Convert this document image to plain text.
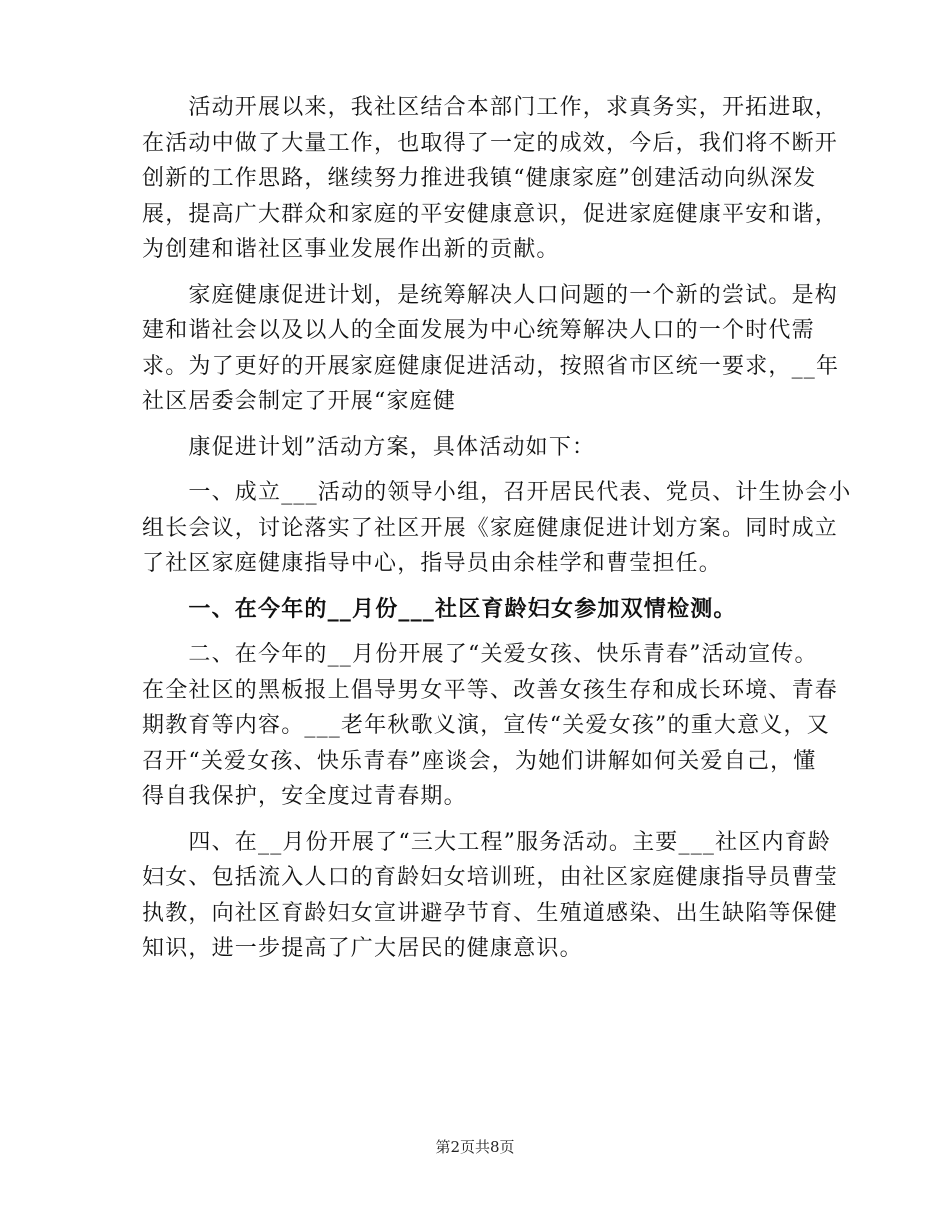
　　活动开展以来，我社区结合本部门工作，求真务实，开拓进取，
在活动中做了大量工作，也取得了一定的成效，今后，我们将不断开
创新的工作思路，继续努力推进我镇“健康家庭”创建活动向纵深发
展，提高广大群众和家庭的平安健康意识，促进家庭健康平安和谐，
为创建和谐社区事业发展作出新的贡献。

　　家庭健康促进计划，是统筹解决人口问题的一个新的尝试。是构
建和谐社会以及以人的全面发展为中心统筹解决人口的一个时代需
求。为了更好的开展家庭健康促进活动，按照省市区统一要求，__年
社区居委会制定了开展“家庭健

　　康促进计划”活动方案，具体活动如下：

　　一、成立___活动的领导小组，召开居民代表、党员、计生协会小
组长会议，讨论落实了社区开展《家庭健康促进计划方案。同时成立
了社区家庭健康指导中心，指导员由余桂学和曹莹担任。

　　一、在今年的__月份___社区育龄妇女参加双情检测。

　　二、在今年的__月份开展了“关爱女孩、快乐青春”活动宣传。
在全社区的黑板报上倡导男女平等、改善女孩生存和成长环境、青春
期教育等内容。___老年秋歌义演，宣传“关爱女孩”的重大意义，又
召开“关爱女孩、快乐青春”座谈会，为她们讲解如何关爱自己，懂
得自我保护，安全度过青春期。

　　四、在__月份开展了“三大工程”服务活动。主要___社区内育龄
妇女、包括流入人口的育龄妇女培训班，由社区家庭健康指导员曹莹
执教，向社区育龄妇女宣讲避孕节育、生殖道感染、出生缺陷等保健
知识，进一步提高了广大居民的健康意识。

第2页共8页
